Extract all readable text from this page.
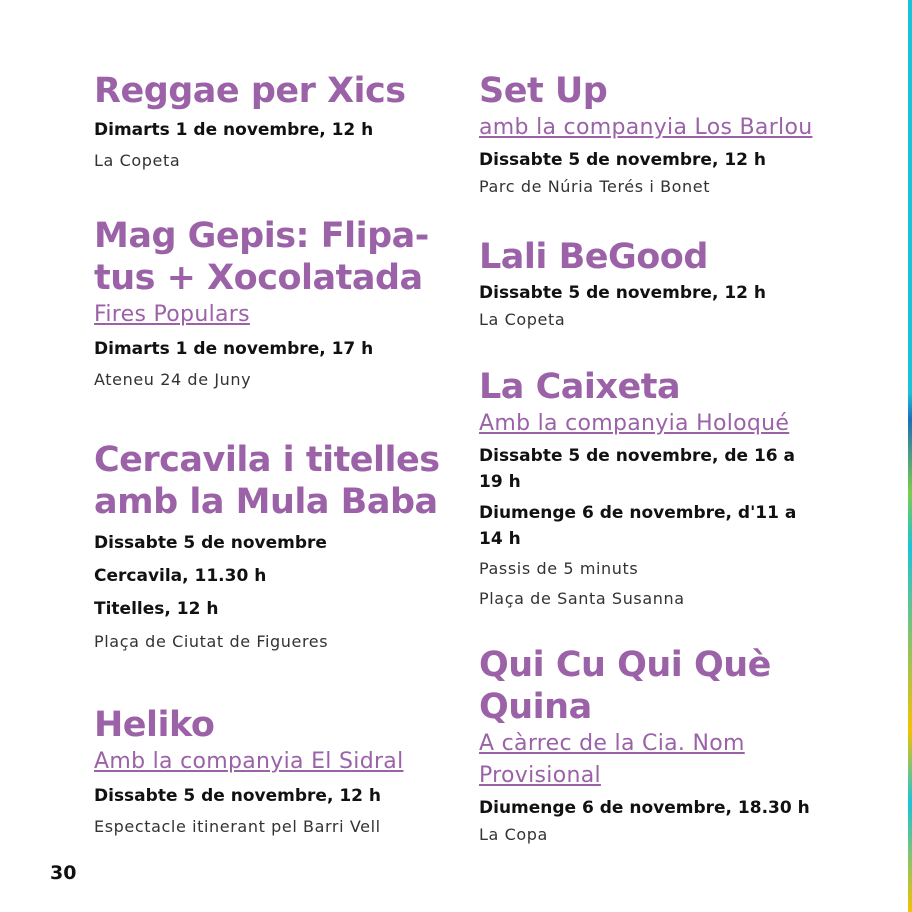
Reggae per Xics
Dimarts 1 de novembre, 12 h
La Copeta
Mag Gepis: Flipa-
tus + Xocolatada
Fires Populars
Dimarts 1 de novembre, 17 h
Ateneu 24 de Juny
Cercavila i titelles
amb la Mula Baba
Dissabte 5 de novembre
Cercavila, 11.30 h
Titelles, 12 h
Plaça de Ciutat de Figueres
Heliko
Amb la companyia El Sidral
Dissabte 5 de novembre, 12 h
Espectacle itinerant pel Barri Vell
Set Up
amb la companyia Los Barlou
Dissabte 5 de novembre, 12 h
Parc de Núria Terés i Bonet
Lali BeGood
Dissabte 5 de novembre, 12 h
La Copeta
La Caixeta
Amb la companyia Holoqué
Dissabte 5 de novembre, de 16 a
19 h
Diumenge 6 de novembre, d'11 a
14 h
Passis de 5 minuts
Plaça de Santa Susanna
Qui Cu Qui Què
Quina
A càrrec de la Cia. Nom
Provisional
Diumenge 6 de novembre, 18.30 h
La Copa
30
